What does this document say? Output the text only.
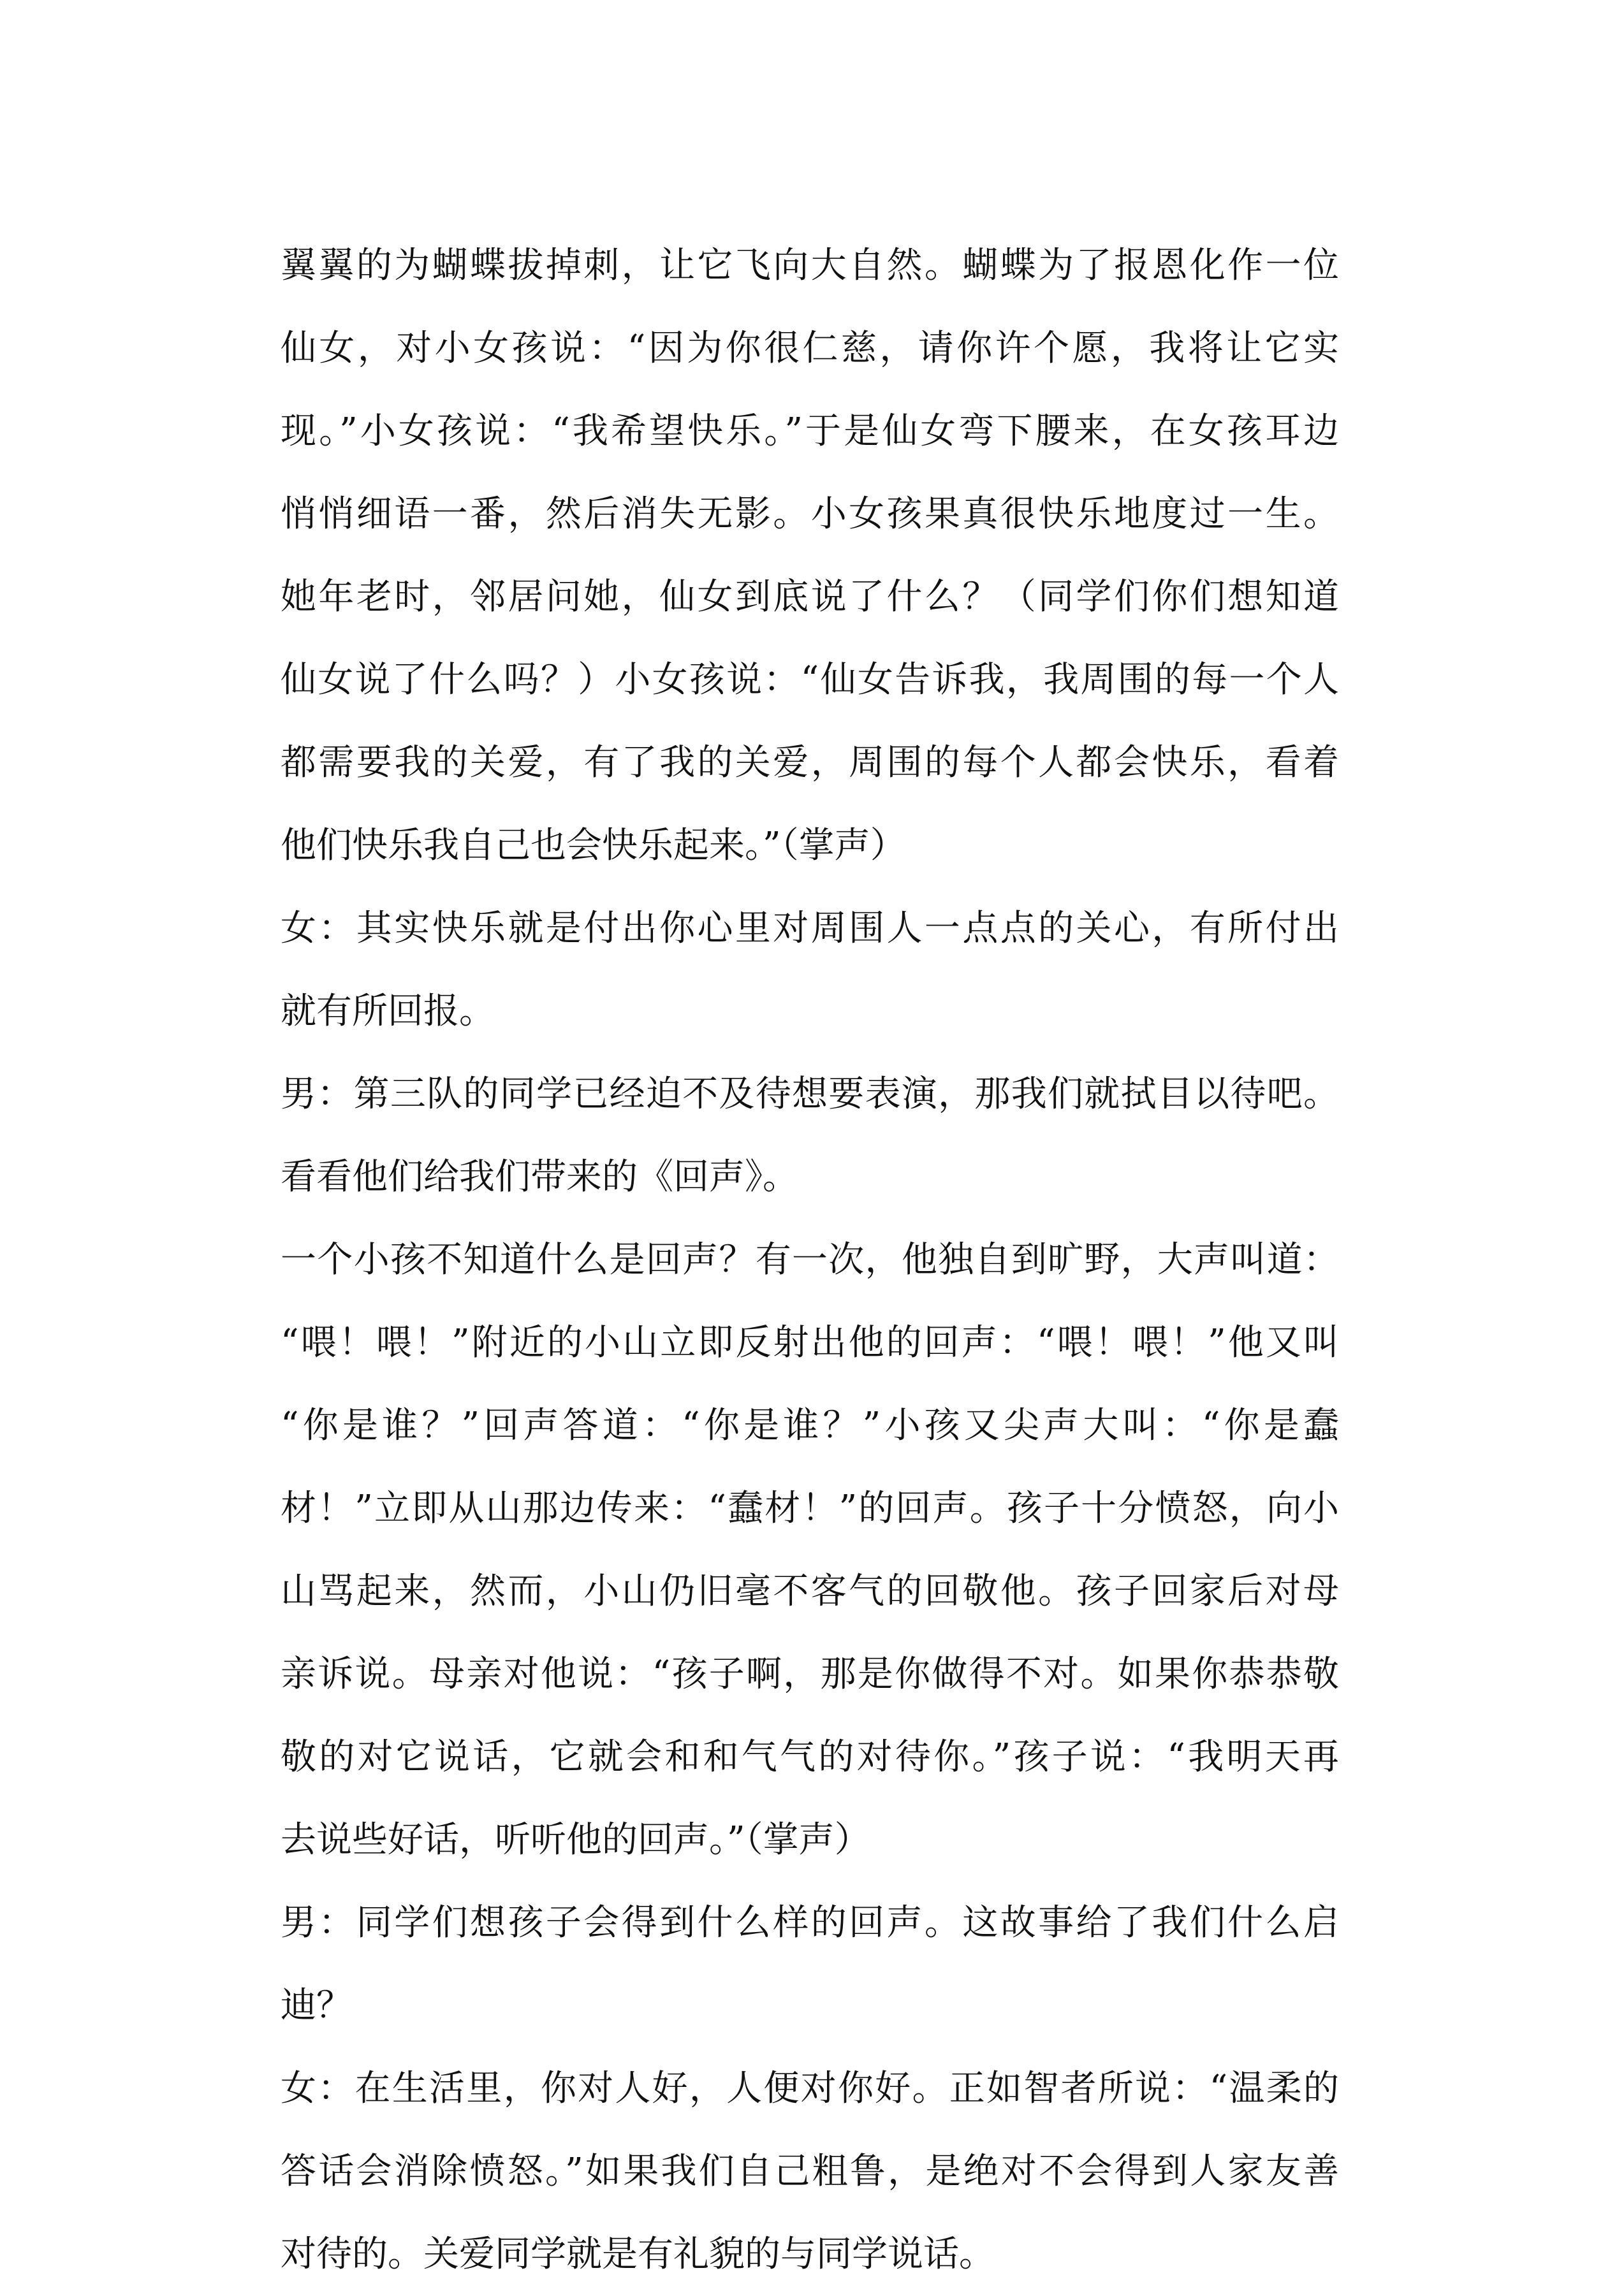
翼翼的为蝴蝶拔掉刺，让它飞向大自然。蝴蝶为了报恩化作一位
仙女，对小女孩说：“因为你很仁慈，请你许个愿，我将让它实
现。”小女孩说：“我希望快乐。”于是仙女弯下腰来，在女孩耳边
悄悄细语一番，然后消失无影。小女孩果真很快乐地度过一生。
她年老时，邻居问她，仙女到底说了什么？（同学们你们想知道
仙女说了什么吗？）小女孩说：“仙女告诉我，我周围的每一个人
都需要我的关爱，有了我的关爱，周围的每个人都会快乐，看着
他们快乐我自己也会快乐起来。”（掌声）
女：其实快乐就是付出你心里对周围人一点点的关心，有所付出
就有所回报。
男：第三队的同学已经迫不及待想要表演，那我们就拭目以待吧。
看看他们给我们带来的《回声》。
一个小孩不知道什么是回声？有一次，他独自到旷野，大声叫道：
“喂！喂！”附近的小山立即反射出他的回声：“喂！喂！”他又叫
“你是谁？”回声答道：“你是谁？”小孩又尖声大叫：“你是蠢
材！”立即从山那边传来：“蠢材！”的回声。孩子十分愤怒，向小
山骂起来，然而，小山仍旧毫不客气的回敬他。孩子回家后对母
亲诉说。母亲对他说：“孩子啊，那是你做得不对。如果你恭恭敬
敬的对它说话，它就会和和气气的对待你。”孩子说：“我明天再
去说些好话，听听他的回声。”（掌声）
男：同学们想孩子会得到什么样的回声。这故事给了我们什么启
迪？
女：在生活里，你对人好，人便对你好。正如智者所说：“温柔的
答话会消除愤怒。”如果我们自己粗鲁，是绝对不会得到人家友善
对待的。关爱同学就是有礼貌的与同学说话。
